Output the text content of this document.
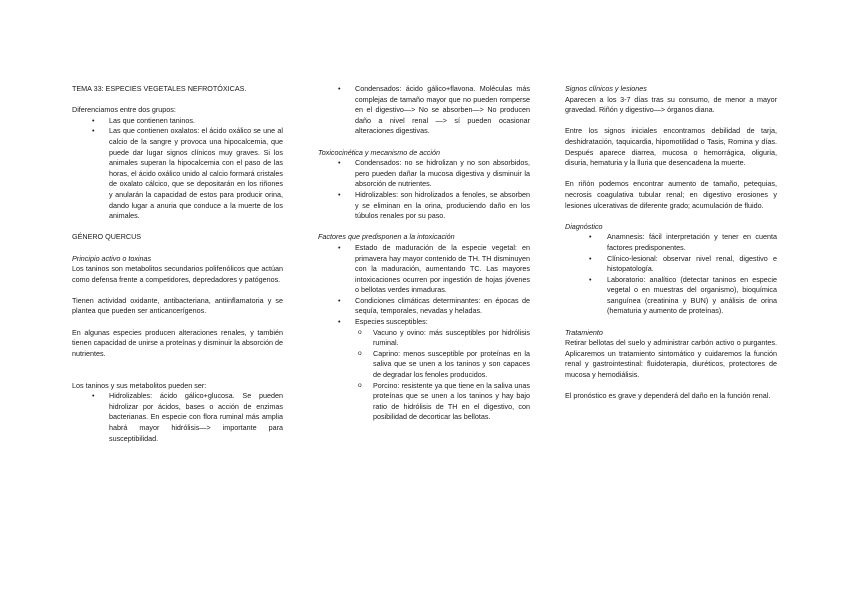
TEMA 33: ESPECIES VEGETALES NEFROTÓXICAS.

Diferenciamos entre dos grupos:

• Las que contienen taninos.
• Las que contienen oxalatos: el ácido oxálico se une al calcio de la sangre y provoca una hipocalcemia, que puede dar lugar signos clínicos muy graves. Si los animales superan la hipocalcemia con el paso de las horas, el ácido oxálico unido al calcio formará cristales de oxalato cálcico, que se depositarán en los riñones y anularán la capacidad de estos para producir orina, dando lugar a anuria que conduce a la muerte de los animales.

GÉNERO QUERCUS

Principio activo o toxinas

Los taninos son metabolitos secundarios polifenólicos que actúan como defensa frente a competidores, depredadores y patógenos.

Tienen actividad oxidante, antibacteriana, antiinflamatoria y se plantea que pueden ser anticancerígenos.

En algunas especies producen alteraciones renales, y también tienen capacidad de unirse a proteínas y disminuir la absorción de nutrientes.

Los taninos y sus metabolitos pueden ser:

• Hidrolizables: ácido gálico+glucosa. Se pueden hidrolizar por ácidos, bases o acción de enzimas bacterianas. En especie con flora ruminal más amplia habrá mayor hidrólisis—> importante para susceptibilidad.
• Condensados: ácido gálico+flavona. Moléculas más complejas de tamaño mayor que no pueden romperse en el digestivo—> No se absorben—> No producen daño a nivel renal —> sí pueden ocasionar alteraciones digestivas.

Toxicocinética y mecanismo de acción

• Condensados: no se hidrolizan y no son absorbidos, pero pueden dañar la mucosa digestiva y disminuir la absorción de nutrientes.
• Hidrolizables: son hidrolizados a fenoles, se absorben y se eliminan en la orina, produciendo daño en los túbulos renales por su paso.

Factores que predisponen a la intoxicación

• Estado de maduración de la especie vegetal: en primavera hay mayor contenido de TH. TH disminuyen con la maduración, aumentando TC. Las mayores intoxicaciones ocurren por ingestión de hojas jóvenes o bellotas verdes inmaduras.
• Condiciones climáticas determinantes: en épocas de sequía, temporales, nevadas y heladas.
• Especies susceptibles:
o Vacuno y ovino: más susceptibles por hidrólisis ruminal.
o Caprino: menos susceptible por proteínas en la saliva que se unen a los taninos y son capaces de degradar los fenoles producidos.
o Porcino: resistente ya que tiene en la saliva unas proteínas que se unen a los taninos y hay bajo ratio de hidrólisis de TH en el digestivo, con posibilidad de decorticar las bellotas.

Signos clínicos y lesiones

Aparecen a los 3-7 días tras su consumo, de menor a mayor gravedad. Riñón y digestivo—> órganos diana.

Entre los signos iniciales encontramos debilidad de tarja, deshidratación, taquicardia, hipomotilidad o Tasis, Romina y días. Después aparece diarrea, mucosa o hemorrágica, oliguria, disuria, hematuria y la lluria que desencadena la muerte.

En riñón podemos encontrar aumento de tamaño, petequias, necrosis coagulativa tubular renal; en digestivo erosiones y lesiones ulcerativas de diferente grado; acumulación de fluido.

Diagnóstico

• Anamnesis: fácil interpretación y tener en cuenta factores predisponentes.
• Clínico-lesional: observar nivel renal, digestivo e histopatología.
• Laboratorio: analítico (detectar taninos en especie vegetal o en muestras del organismo), bioquímica sanguínea (creatinina y BUN) y análisis de orina (hematuria y aumento de proteínas).

Tratamiento

Retirar bellotas del suelo y administrar carbón activo o purgantes. Aplicaremos un tratamiento sintomático y cuidaremos la función renal y gastrointestinal: fluidoterapia, diuréticos, protectores de mucosa y hemodiálisis.

El pronóstico es grave y dependerá del daño en la función renal.
